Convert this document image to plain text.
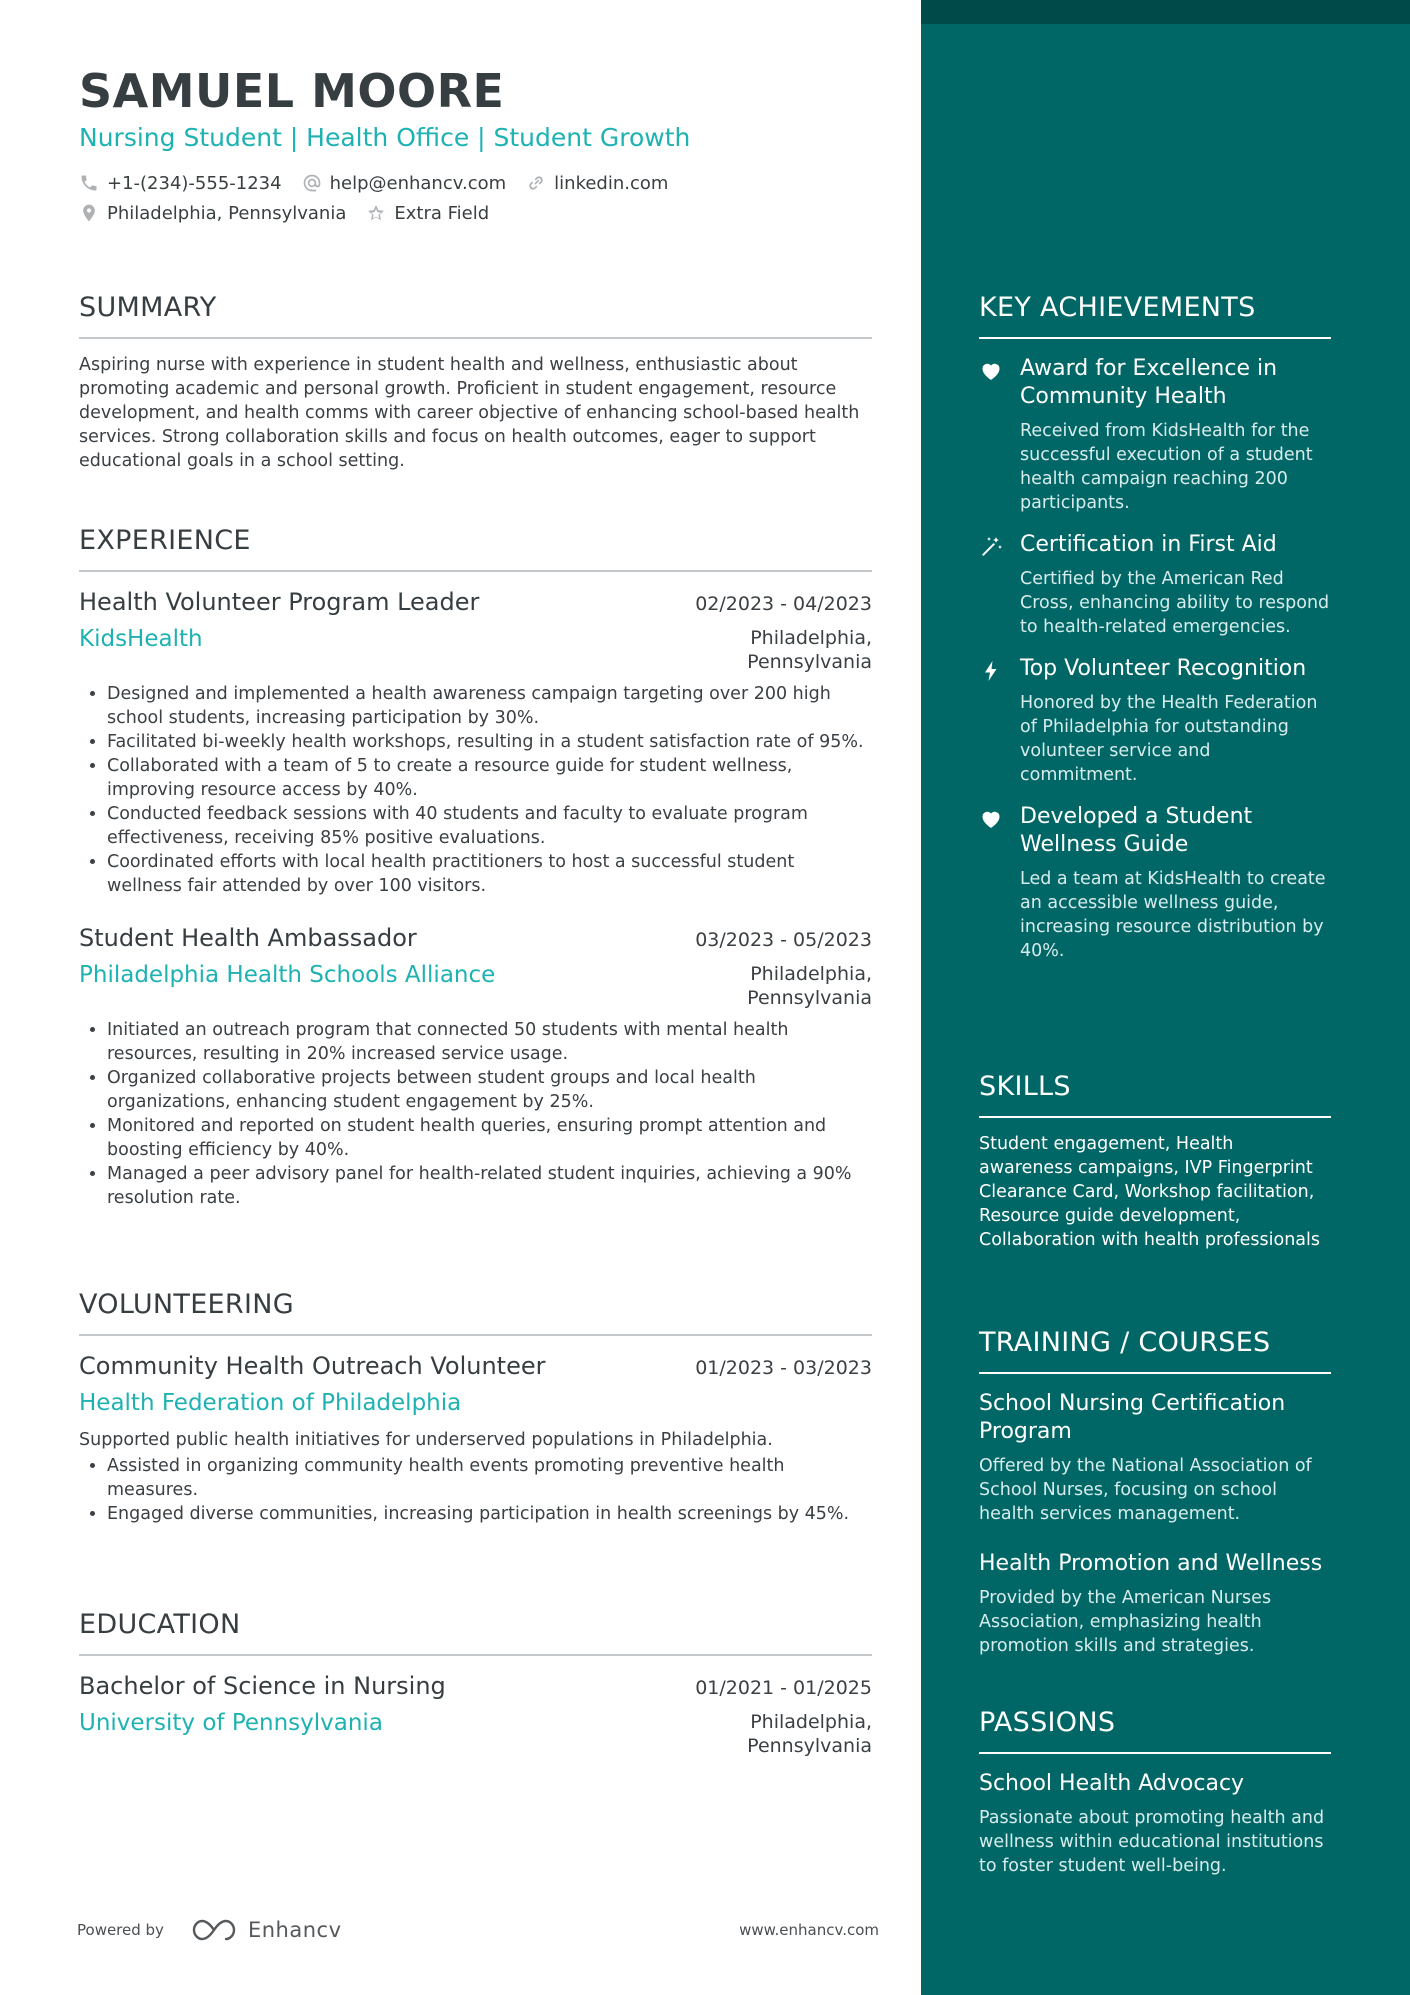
SAMUEL MOORE
Nursing Student | Health Office | Student Growth
+1-(234)-555-1234	help@enhancv.com	linkedin.com
Philadelphia, Pennsylvania	Extra Field
SUMMARY
Aspiring nurse with experience in student health and wellness, enthusiastic about promoting academic and personal growth. Proficient in student engagement, resource development, and health comms with career objective of enhancing school-based health services. Strong collaboration skills and focus on health outcomes, eager to support educational goals in a school setting.
EXPERIENCE
Health Volunteer Program Leader	02/2023 - 04/2023
KidsHealth	Philadelphia,
Pennsylvania
• Designed and implemented a health awareness campaign targeting over 200 high school students, increasing participation by 30%.
• Facilitated bi-weekly health workshops, resulting in a student satisfaction rate of 95%.
• Collaborated with a team of 5 to create a resource guide for student wellness, improving resource access by 40%.
• Conducted feedback sessions with 40 students and faculty to evaluate program effectiveness, receiving 85% positive evaluations.
• Coordinated efforts with local health practitioners to host a successful student wellness fair attended by over 100 visitors.
Student Health Ambassador	03/2023 - 05/2023
Philadelphia Health Schools Alliance	Philadelphia,
Pennsylvania
• Initiated an outreach program that connected 50 students with mental health resources, resulting in 20% increased service usage.
• Organized collaborative projects between student groups and local health organizations, enhancing student engagement by 25%.
• Monitored and reported on student health queries, ensuring prompt attention and boosting efficiency by 40%.
• Managed a peer advisory panel for health-related student inquiries, achieving a 90% resolution rate.
VOLUNTEERING
Community Health Outreach Volunteer	01/2023 - 03/2023
Health Federation of Philadelphia
Supported public health initiatives for underserved populations in Philadelphia.
• Assisted in organizing community health events promoting preventive health measures.
• Engaged diverse communities, increasing participation in health screenings by 45%.
EDUCATION
Bachelor of Science in Nursing	01/2021 - 01/2025
University of Pennsylvania	Philadelphia,
Pennsylvania
KEY ACHIEVEMENTS
Award for Excellence in Community Health
Received from KidsHealth for the successful execution of a student health campaign reaching 200 participants.
Certification in First Aid
Certified by the American Red Cross, enhancing ability to respond to health-related emergencies.
Top Volunteer Recognition
Honored by the Health Federation of Philadelphia for outstanding volunteer service and commitment.
Developed a Student Wellness Guide
Led a team at KidsHealth to create an accessible wellness guide, increasing resource distribution by 40%.
SKILLS
Student engagement, Health awareness campaigns, IVP Fingerprint Clearance Card, Workshop facilitation, Resource guide development, Collaboration with health professionals
TRAINING / COURSES
School Nursing Certification Program
Offered by the National Association of School Nurses, focusing on school health services management.
Health Promotion and Wellness
Provided by the American Nurses Association, emphasizing health promotion skills and strategies.
PASSIONS
School Health Advocacy
Passionate about promoting health and wellness within educational institutions to foster student well-being.
Powered by	Enhancv	www.enhancv.com
